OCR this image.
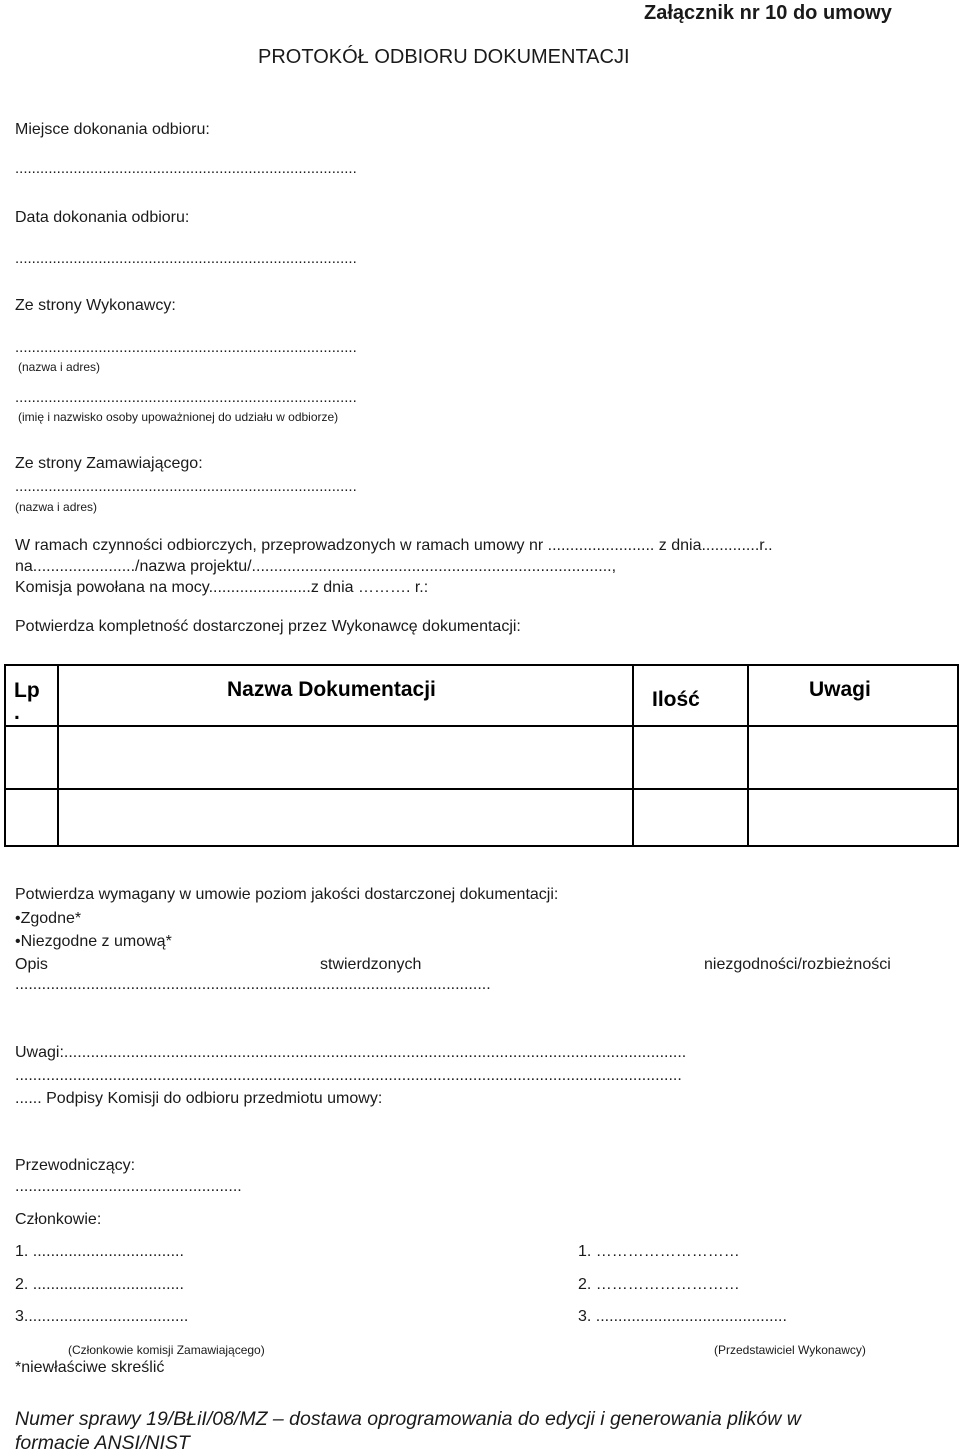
Załącznik nr 10 do umowy
PROTOKÓŁ ODBIORU DOKUMENTACJI
Miejsce dokonania odbioru:
..................................................................................
Data dokonania odbioru:
..................................................................................
Ze strony Wykonawcy:
..................................................................................
(nazwa i adres)
..................................................................................
(imię i nazwisko osoby upoważnionej do udziału w odbiorze)
Ze strony Zamawiającego:
..................................................................................
(nazwa i adres)
W ramach czynności odbiorczych, przeprowadzonych w ramach umowy nr ........................ z dnia.............r..
na......................./nazwa projektu/.................................................................................,
Komisja powołana na mocy.......................z dnia ………. r.:
Potwierdza kompletność dostarczonej przez Wykonawcę dokumentacji:
Lp
.	Nazwa Dokumentacji	Ilość	Uwagi

Potwierdza wymagany w umowie poziom jakości dostarczonej dokumentacji:
•Zgodne*
•Niezgodne z umową*
Opis	stwierdzonych	niezgodności/rozbieżności
...........................................................................................................
Uwagi:............................................................................................................................................
......................................................................................................................................................
...... Podpisy Komisji do odbioru przedmiotu umowy:
Przewodniczący:
...................................................
Członkowie:
1. ..................................
2. ..................................
3.....................................
1. ………………………
2. ………………………
3. ...........................................
(Członkowie komisji Zamawiającego)	(Przedstawiciel Wykonawcy)
*niewłaściwe skreślić
Numer sprawy 19/BŁiI/08/MZ – dostawa oprogramowania do edycji i generowania plików w
formacie ANSI/NIST
